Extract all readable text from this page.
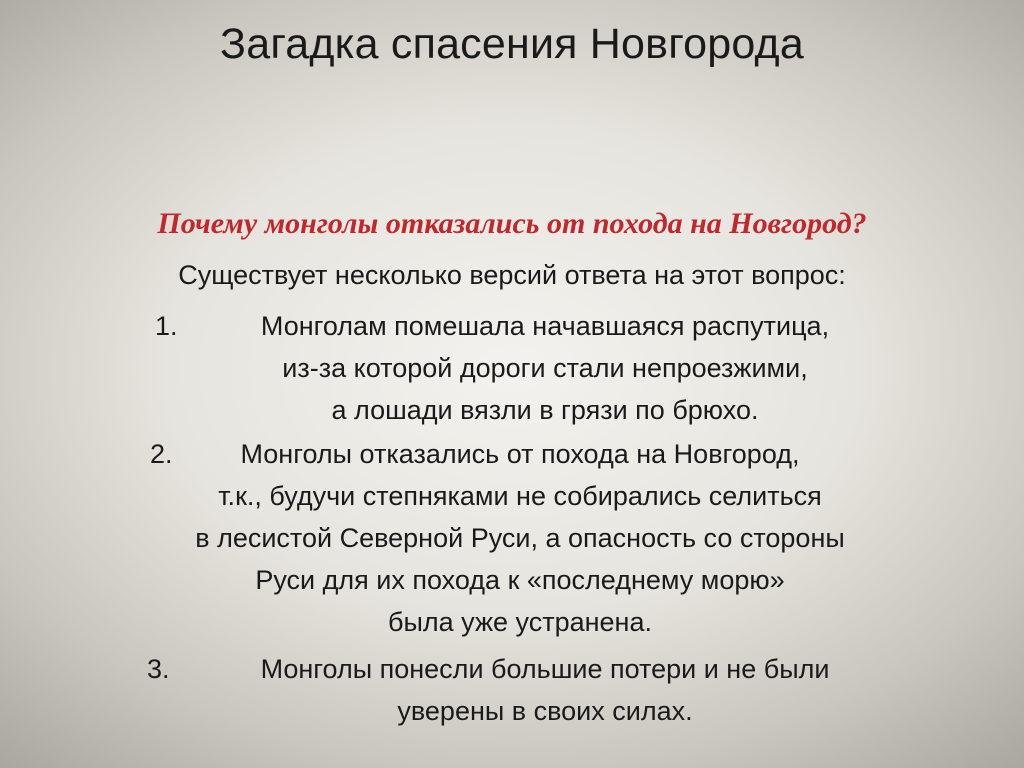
Загадка спасения Новгорода

Почему монголы отказались от похода на Новгород?

Существует несколько версий ответа на этот вопрос:

1.	Монголам помешала начавшаяся распутица,
из-за которой дороги стали непроезжими,
а лошади вязли в грязи по брюхо.
2.	Монголы отказались от похода на Новгород,
т.к., будучи степняками не собирались селиться
в лесистой Северной Руси, а опасность со стороны
Руси для их похода к «последнему морю»
была уже устранена.
3.	Монголы понесли большие потери и не были
уверены в своих силах.
